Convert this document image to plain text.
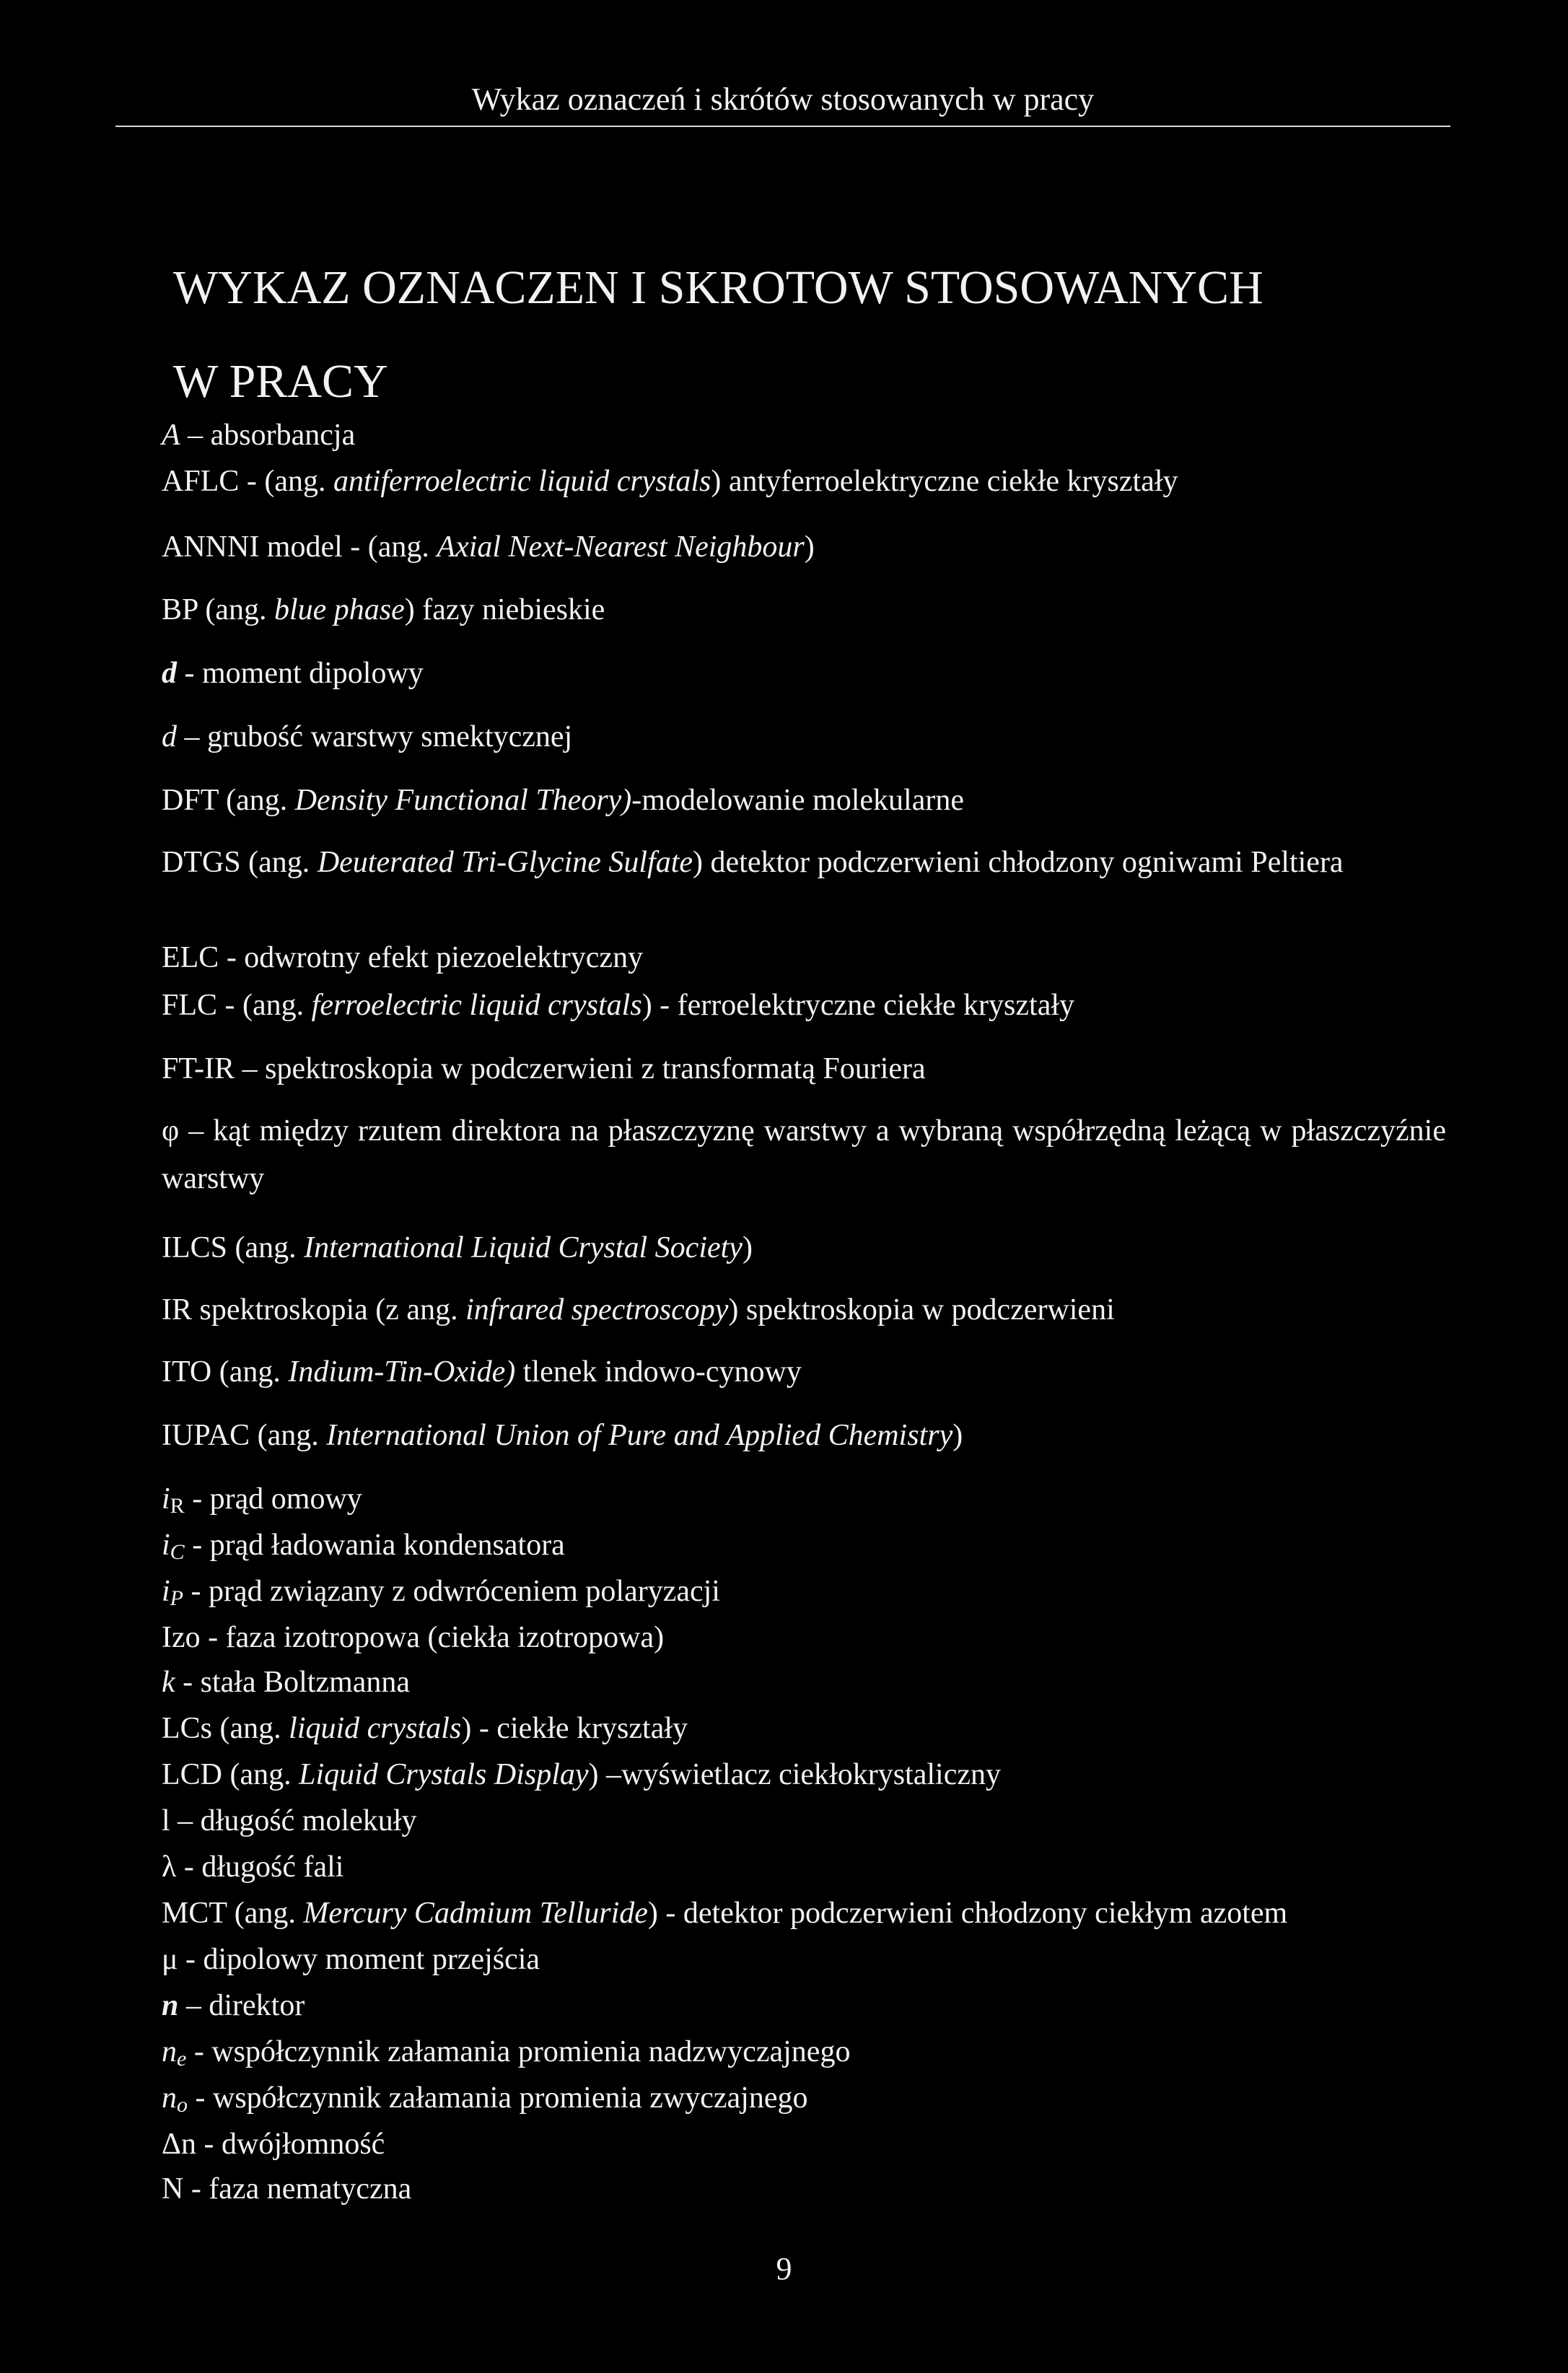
Wykaz oznaczeń i skrótów stosowanych w pracy
WYKAZ OZNACZEN I SKROTOW STOSOWANYCH
W PRACY
A – absorbancja
AFLC - (ang. antiferroelectric liquid crystals) antyferroelektryczne ciekłe kryształy
ANNNI model - (ang. Axial Next-Nearest Neighbour)
BP (ang. blue phase) fazy niebieskie
d - moment dipolowy
d – grubość warstwy smektycznej
DFT (ang. Density Functional Theory)-modelowanie molekularne
DTGS (ang. Deuterated Tri-Glycine Sulfate) detektor podczerwieni chłodzony ogniwami Peltiera
ELC - odwrotny efekt piezoelektryczny
FLC - (ang. ferroelectric liquid crystals) - ferroelektryczne ciekłe kryształy
FT-IR – spektroskopia w podczerwieni z transformatą Fouriera
φ – kąt między rzutem direktora na płaszczyznę warstwy a wybraną współrzędną leżącą w płaszczyźnie warstwy
ILCS (ang. International Liquid Crystal Society)
IR spektroskopia (z ang. infrared spectroscopy) spektroskopia w podczerwieni
ITO (ang. Indium-Tin-Oxide) tlenek indowo-cynowy
IUPAC (ang. International Union of Pure and Applied Chemistry)
$i_R$ - prąd omowy
iC - prąd ładowania kondensatora
iP - prąd związany z odwróceniem polaryzacji
Izo - faza izotropowa (ciekła izotropowa)
k - stała Boltzmanna
LCs (ang. liquid crystals) - ciekłe kryształy
LCD (ang. Liquid Crystals Display) –wyświetlacz ciekłokrystaliczny
l – długość molekuły
λ - długość fali
MCT (ang. Mercury Cadmium Telluride) - detektor podczerwieni chłodzony ciekłym azotem
μ - dipolowy moment przejścia
n – direktor
ne - współczynnik załamania promienia nadzwyczajnego
no - współczynnik załamania promienia zwyczajnego
Δn - dwójłomność
N - faza nematyczna
9
